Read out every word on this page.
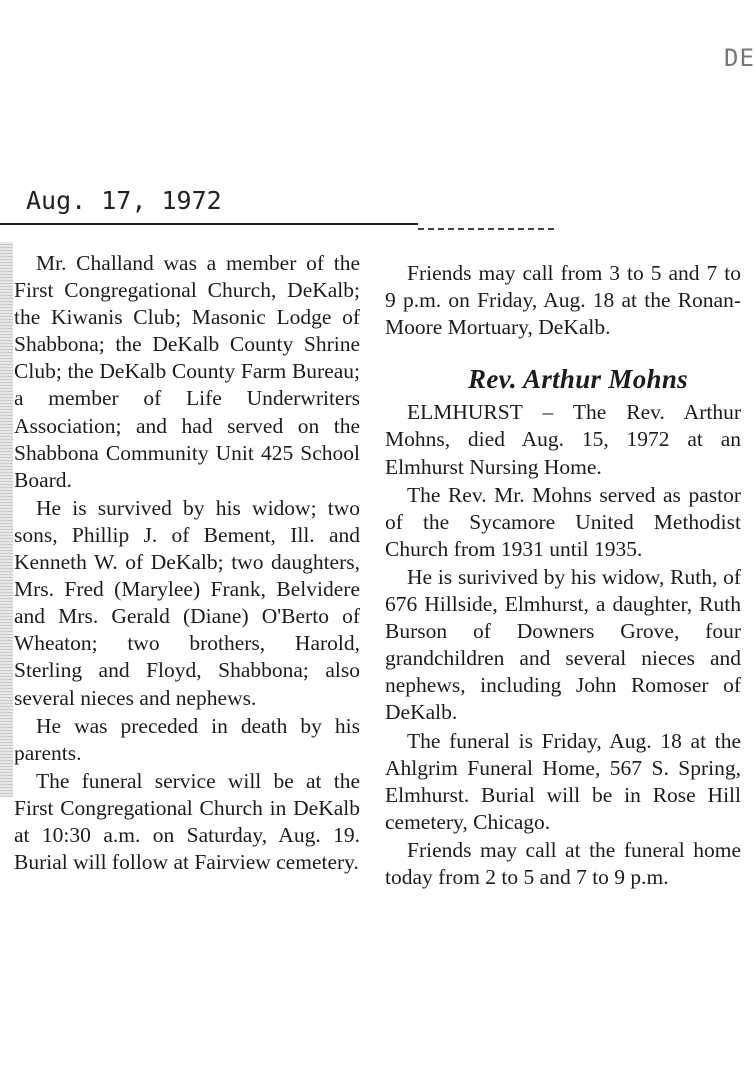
DE
Aug. 17, 1972

Mr. Challand was a member of the First Congregational Church, DeKalb; the Kiwanis Club; Masonic Lodge of Shabbona; the DeKalb County Shrine Club; the DeKalb County Farm Bureau; a member of Life Underwriters Association; and had served on the Shabbona Community Unit 425 School Board.

He is survived by his widow; two sons, Phillip J. of Bement, Ill. and Kenneth W. of DeKalb; two daughters, Mrs. Fred (Marylee) Frank, Belvidere and Mrs. Gerald (Diane) O'Berto of Wheaton; two brothers, Harold, Sterling and Floyd, Shabbona; also several nieces and nephews.

He was preceded in death by his parents.

The funeral service will be at the First Congregational Church in DeKalb at 10:30 a.m. on Saturday, Aug. 19. Burial will follow at Fairview cemetery.

Friends may call from 3 to 5 and 7 to 9 p.m. on Friday, Aug. 18 at the Ronan-Moore Mortuary, DeKalb.

Rev. Arthur Mohns

ELMHURST – The Rev. Arthur Mohns, died Aug. 15, 1972 at an Elmhurst Nursing Home.

The Rev. Mr. Mohns served as pastor of the Sycamore United Methodist Church from 1931 until 1935.

He is surivived by his widow, Ruth, of 676 Hillside, Elmhurst, a daughter, Ruth Burson of Downers Grove, four grandchildren and several nieces and nephews, including John Romoser of DeKalb.

The funeral is Friday, Aug. 18 at the Ahlgrim Funeral Home, 567 S. Spring, Elmhurst. Burial will be in Rose Hill cemetery, Chicago.

Friends may call at the funeral home today from 2 to 5 and 7 to 9 p.m.
